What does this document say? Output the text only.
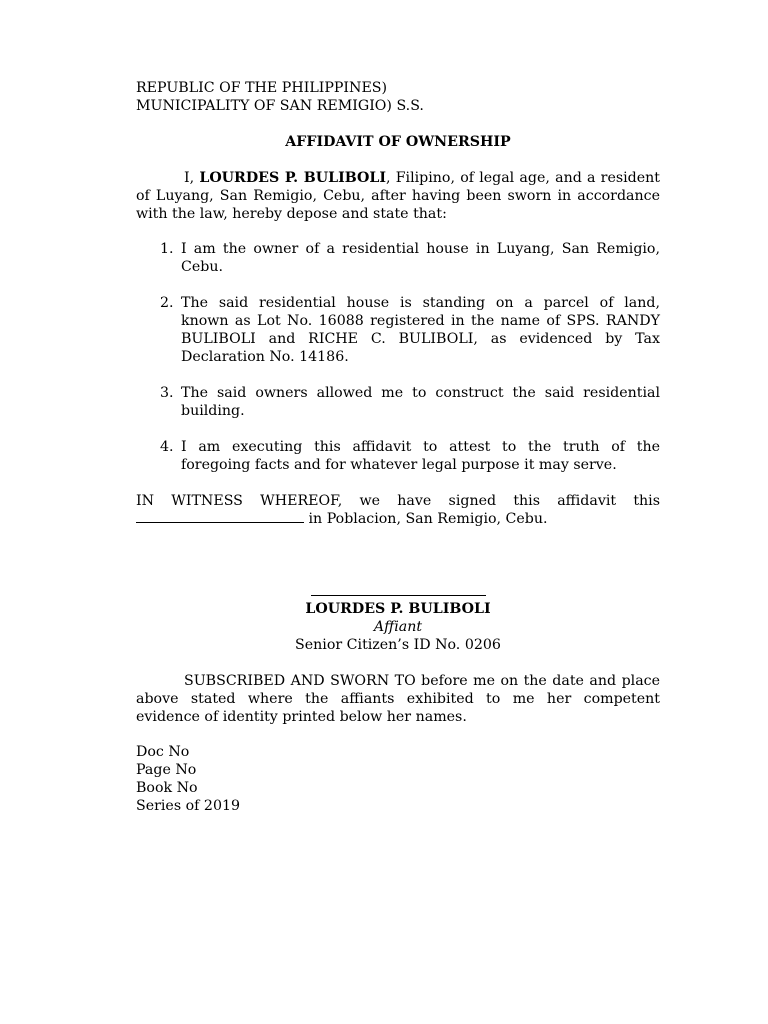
REPUBLIC OF THE PHILIPPINES)
MUNICIPALITY OF SAN REMIGIO) S.S.
AFFIDAVIT OF OWNERSHIP
I, LOURDES P. BULIBOLI, Filipino, of legal age, and a resident
of Luyang, San Remigio, Cebu, after having been sworn in accordance
with the law, hereby depose and state that:
1. I am the owner of a residential house in Luyang, San Remigio,
Cebu.
2. The said residential house is standing on a parcel of land,
known as Lot No. 16088 registered in the name of SPS. RANDY
BULIBOLI and RICHE C. BULIBOLI, as evidenced by Tax
Declaration No. 14186.
3. The said owners allowed me to construct the said residential
building.
4. I am executing this affidavit to attest to the truth of the
foregoing facts and for whatever legal purpose it may serve.
IN WITNESS WHEREOF, we have signed this affidavit this
in Poblacion, San Remigio, Cebu.
LOURDES P. BULIBOLI
Affiant
Senior Citizen’s ID No. 0206
SUBSCRIBED AND SWORN TO before me on the date and place
above stated where the affiants exhibited to me her competent
evidence of identity printed below her names.
Doc No
Page No
Book No
Series of 2019
